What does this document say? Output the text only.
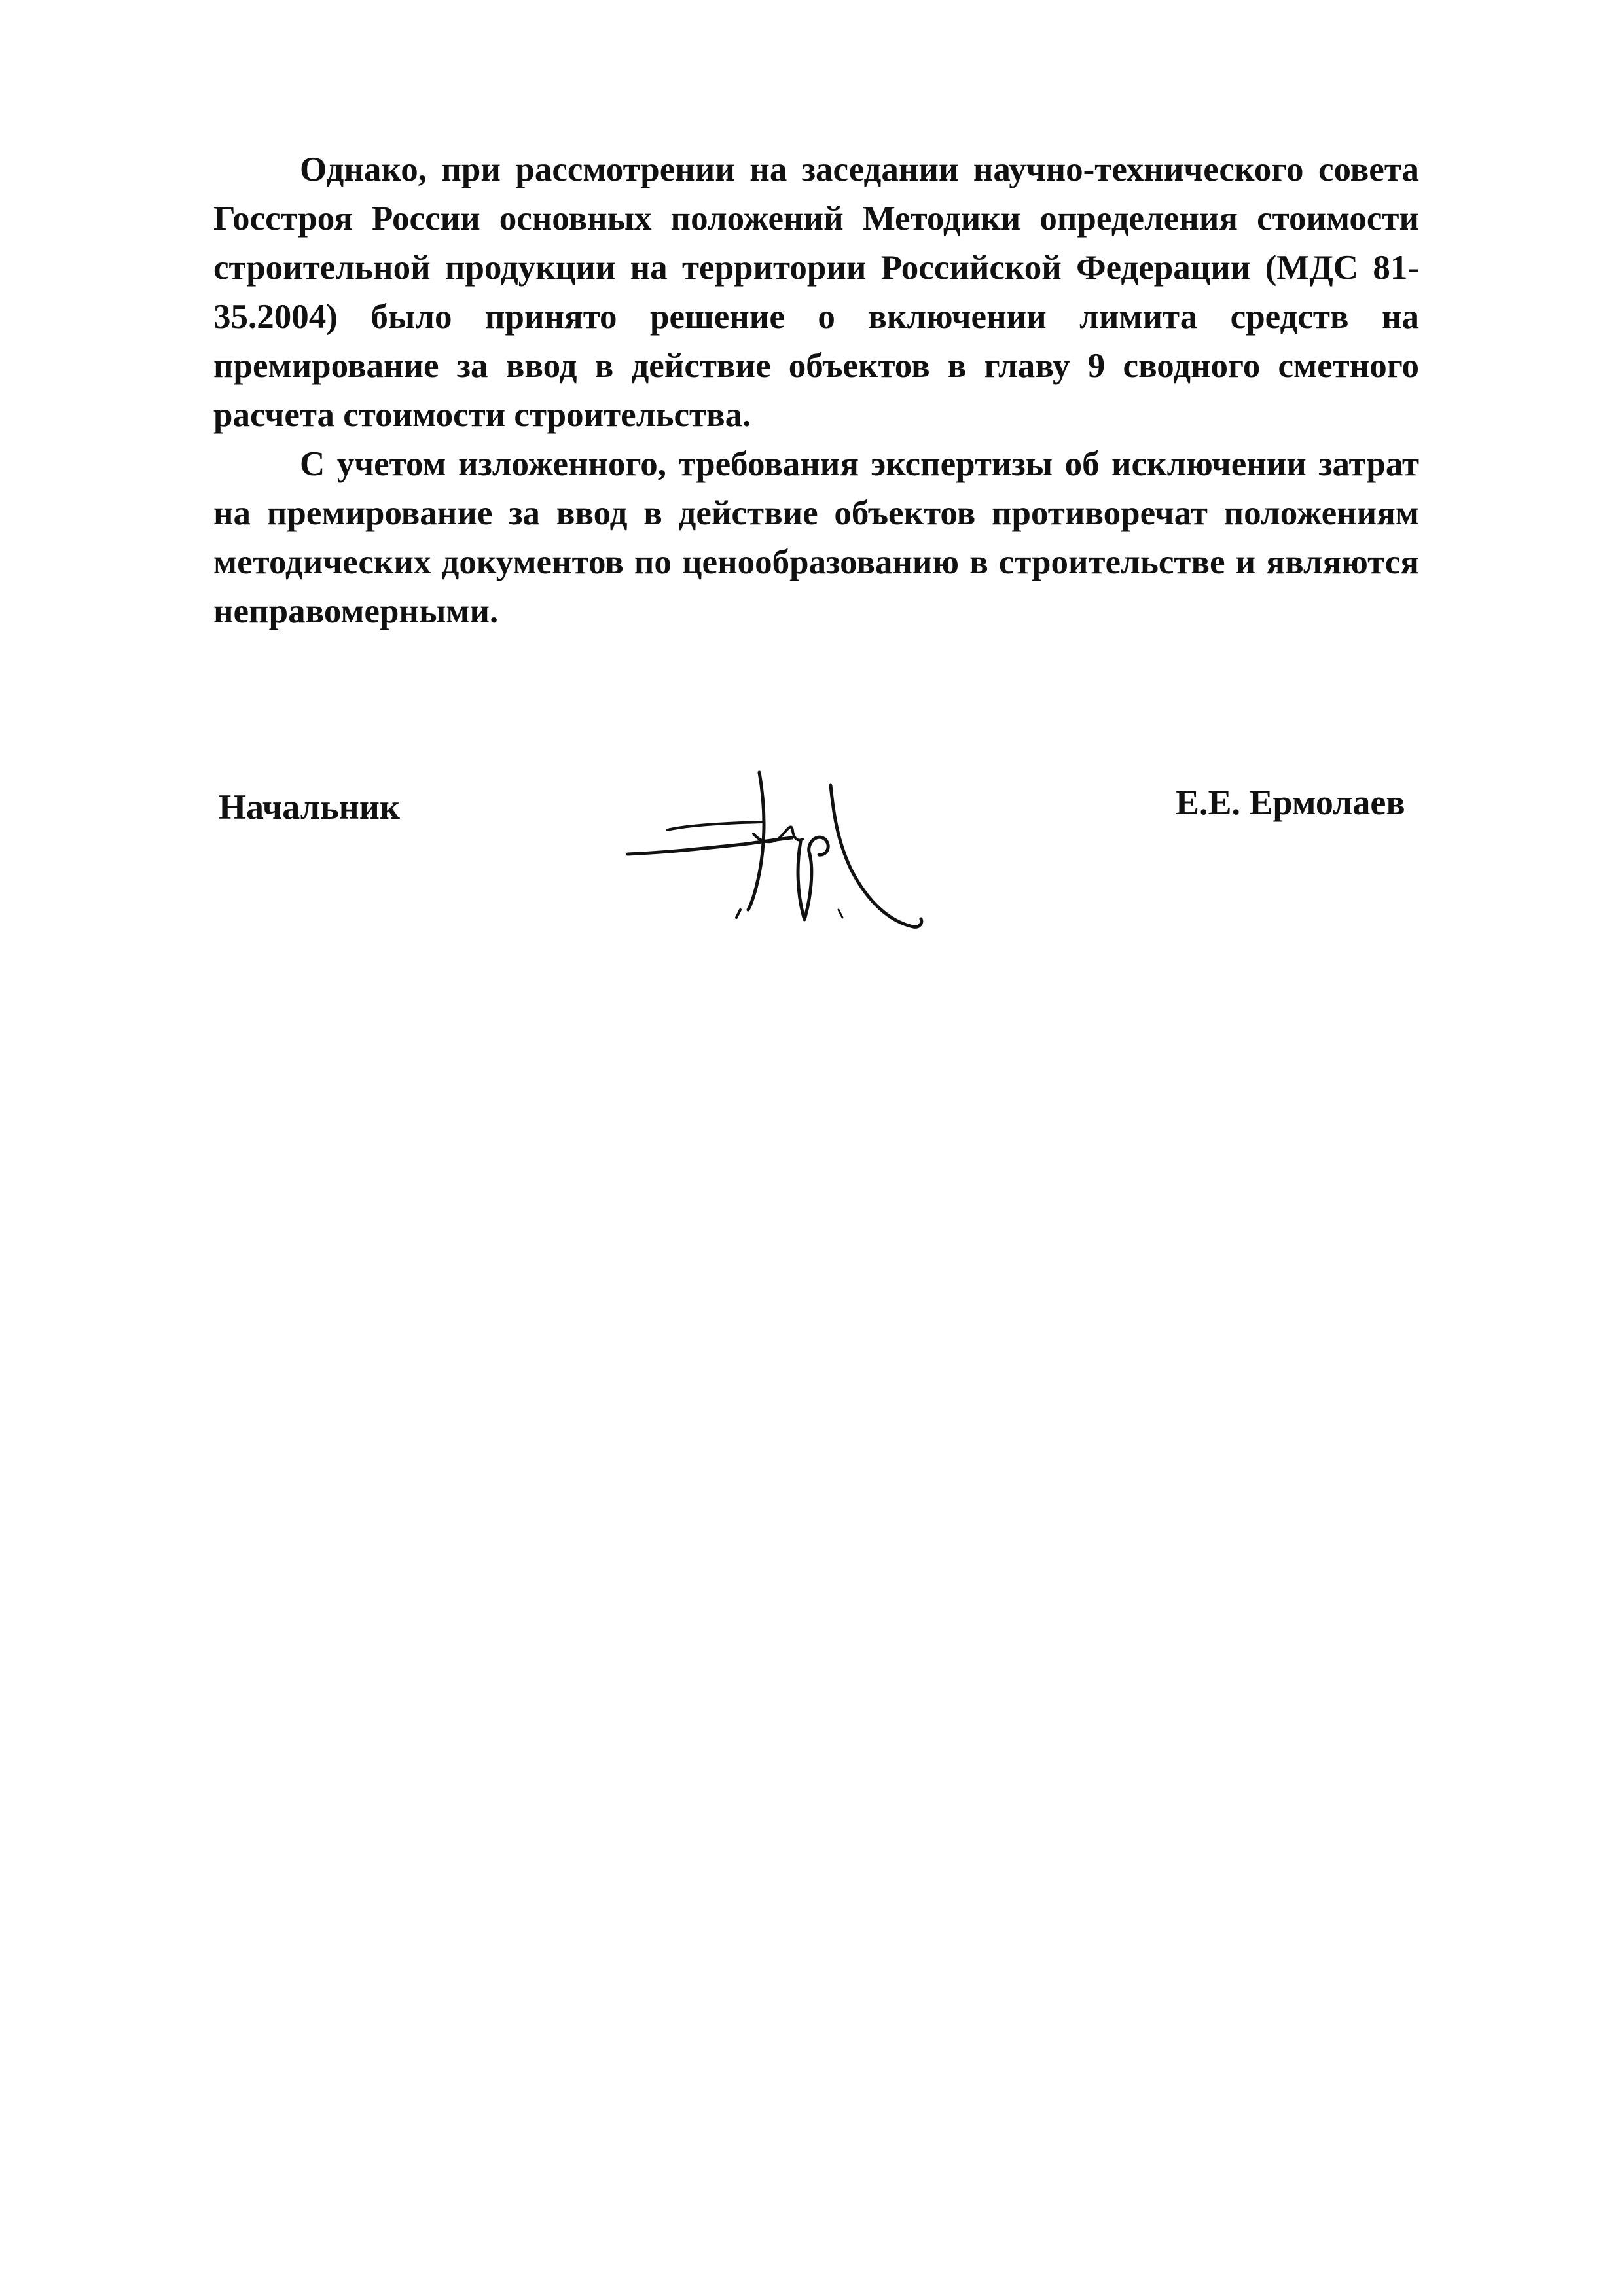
Однако, при рассмотрении на заседании научно-технического совета Госстроя России основных положений Методики определения стоимости строительной продукции на территории Российской Федерации (МДС 81-35.2004) было принято решение о включении лимита средств на премирование за ввод в действие объектов в главу 9 сводного сметного расчета стоимости строительства.

С учетом изложенного, требования экспертизы об исключении затрат на премирование за ввод в действие объектов противоречат положениям методических документов по ценообразованию в строительстве и являются неправомерными.

Начальник	Е.Е. Ермолаев
